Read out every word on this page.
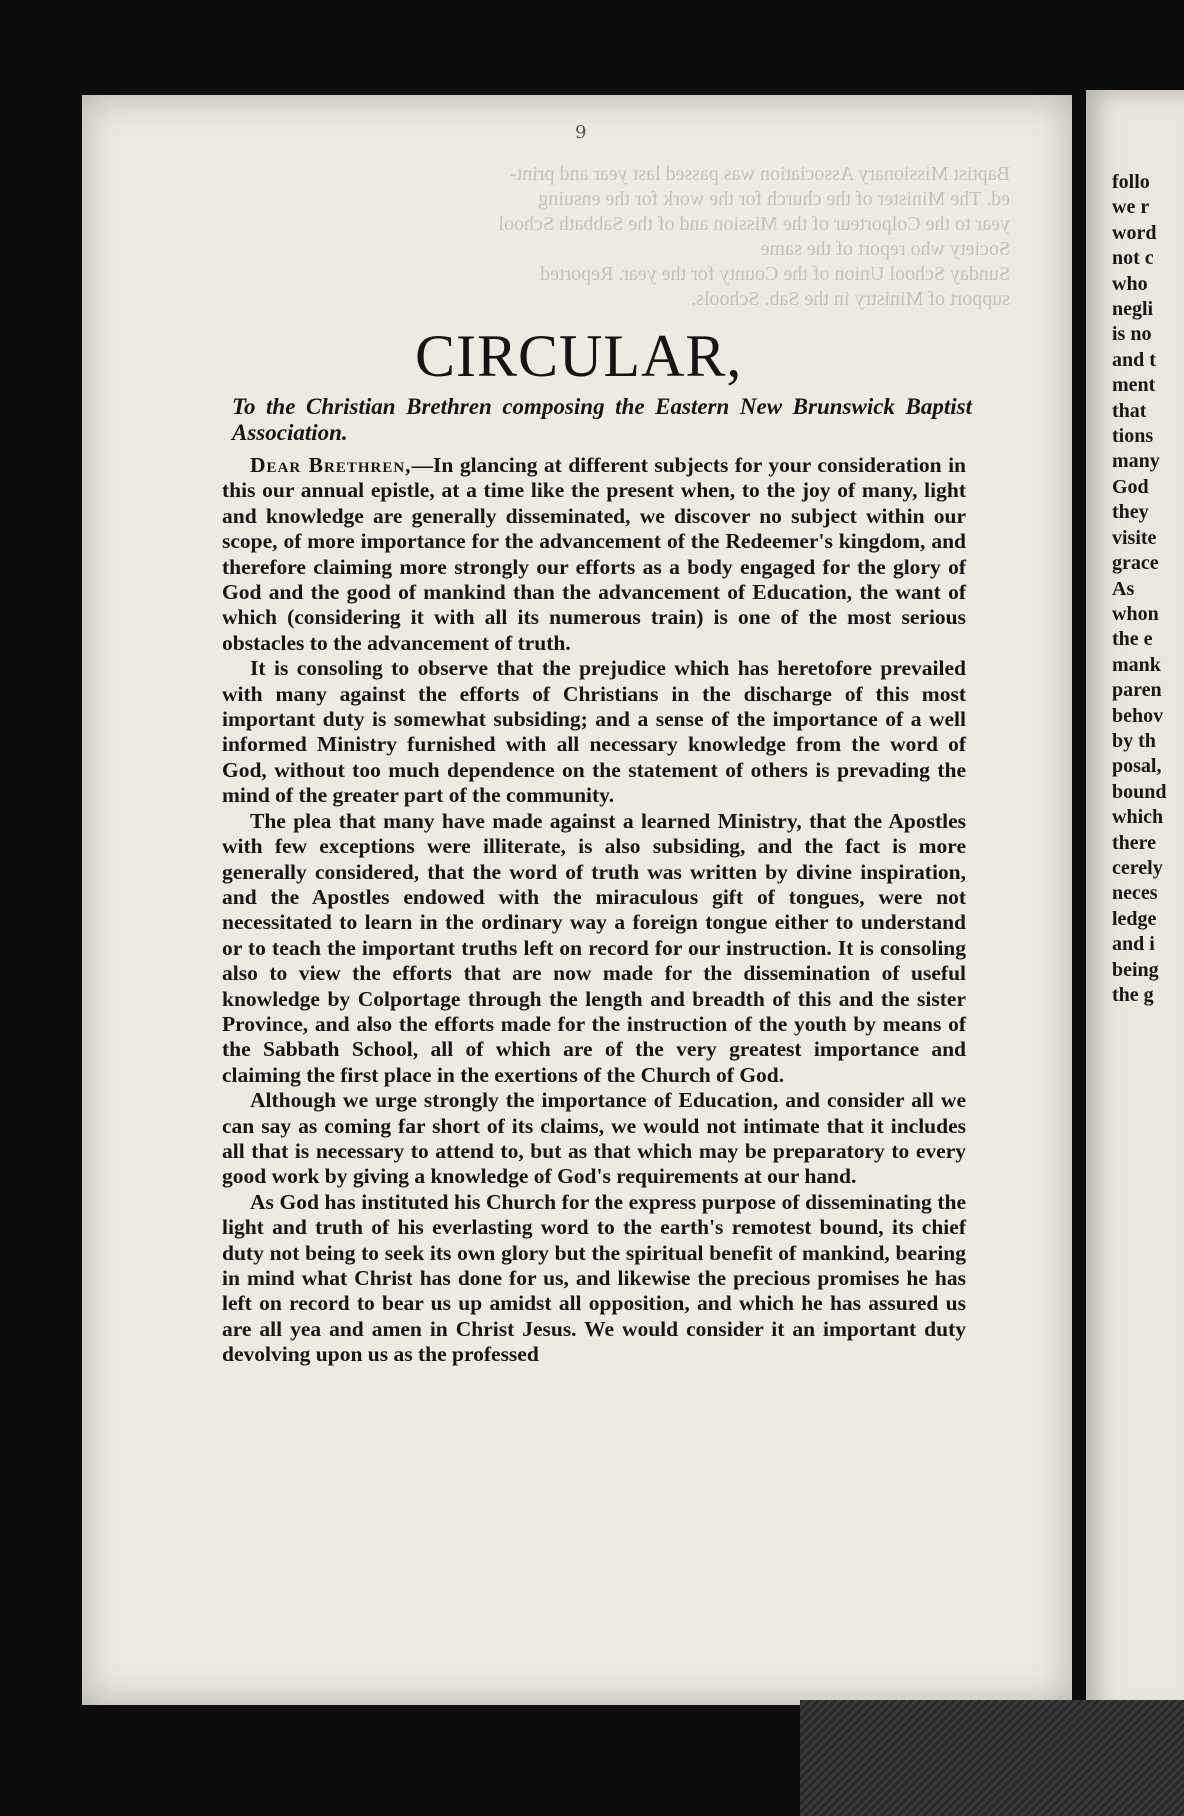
9
Baptist Missionary Association was passed last year and print-
ed. The Minister of the church for the work for the ensuing
year to the Colporteur of the Mission and of the Sabbath School
Society who report of the same
Sunday School Union of the County for the year. Reported
support of Ministry in the Sab. Schools.
CIRCULAR,
To the Christian Brethren composing the Eastern New Brunswick Baptist Association.

Dear Brethren,—In glancing at different subjects for your consideration in this our annual epistle, at a time like the present when, to the joy of many, light and knowledge are generally disseminated, we discover no subject within our scope, of more importance for the advancement of the Redeemer's kingdom, and therefore claiming more strongly our efforts as a body engaged for the glory of God and the good of mankind than the advancement of Education, the want of which (considering it with all its numerous train) is one of the most serious obstacles to the advancement of truth.

It is consoling to observe that the prejudice which has heretofore prevailed with many against the efforts of Christians in the discharge of this most important duty is somewhat subsiding; and a sense of the importance of a well informed Ministry furnished with all necessary knowledge from the word of God, without too much dependence on the statement of others is prevading the mind of the greater part of the community.

The plea that many have made against a learned Ministry, that the Apostles with few exceptions were illiterate, is also subsiding, and the fact is more generally considered, that the word of truth was written by divine inspiration, and the Apostles endowed with the miraculous gift of tongues, were not necessitated to learn in the ordinary way a foreign tongue either to understand or to teach the important truths left on record for our instruction. It is consoling also to view the efforts that are now made for the dissemination of useful knowledge by Colportage through the length and breadth of this and the sister Province, and also the efforts made for the instruction of the youth by means of the Sabbath School, all of which are of the very greatest importance and claiming the first place in the exertions of the Church of God.

Although we urge strongly the importance of Education, and consider all we can say as coming far short of its claims, we would not intimate that it includes all that is necessary to attend to, but as that which may be preparatory to every good work by giving a knowledge of God's requirements at our hand.

As God has instituted his Church for the express purpose of disseminating the light and truth of his everlasting word to the earth's remotest bound, its chief duty not being to seek its own glory but the spiritual benefit of mankind, bearing in mind what Christ has done for us, and likewise the precious promises he has left on record to bear us up amidst all opposition, and which he has assured us are all yea and amen in Christ Jesus. We would consider it an important duty devolving upon us as the professed

follo
we r
word
not c
who
negli
is no
and t
ment
that
tions
many
God
they
visite
grace
As
whon
the e
mank
paren
behov
by th
posal,
bound
which
there
cerely
neces
ledge
and i
being
the g
